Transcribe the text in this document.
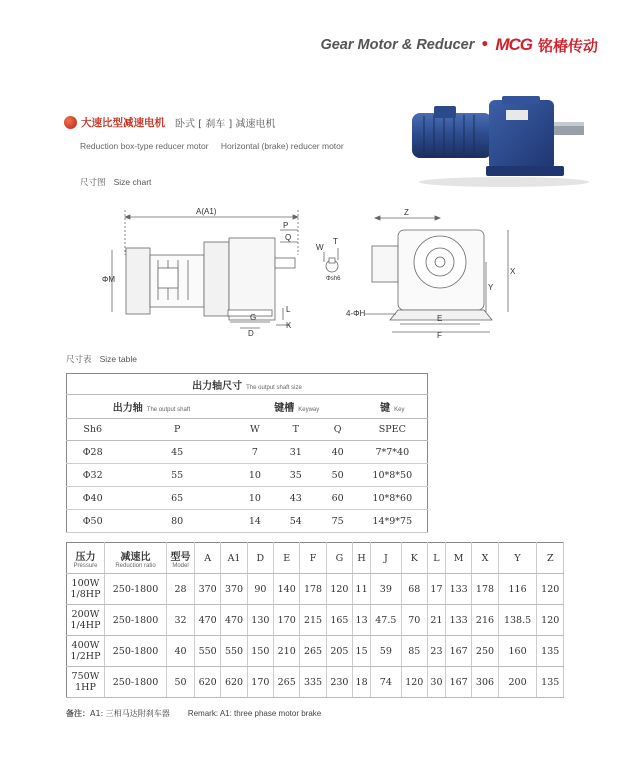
Gear Motor & Reducer • MCG 铭椿传动
大速比型减速电机 卧式 [ 刹车 ] 减速电机
Reduction box-type reducer motor Horizontal (brake) reducer motor
尺寸图 Size chart
A(A1)
P
Q
ΦM
L
G
D
K
W
T
Φsh6
Z
X
Y
4-ΦH
E
F
尺寸表 Size table
出力轴尺寸 The output shaft size					
出力轴 The output shaft		键槽 Keyway			键 Key
Sh6	P	W	T	Q	SPEC
Φ28	45	7	31	40	7*7*40
Φ32	55	10	35	50	10*8*50
Φ40	65	10	43	60	10*8*60
Φ50	80	14	54	75	14*9*75
压力
Pressure	减速比
Reduction ratio	型号
Model	A	A1	D	E	F	G	H	J	K	L	M	X	Y	Z

100W
1/8HP	250-1800	28	370	370	90	140	178	120	11	39	68	17	133	178	116	120

200W
1/4HP	250-1800	32	470	470	130	170	215	165	13	47.5	70	21	133	216	138.5	120

400W
1/2HP	250-1800	40	550	550	150	210	265	205	15	59	85	23	167	250	160	135

750W
1HP	250-1800	50	620	620	170	265	335	230	18	74	120	30	167	306	200	135
备注：A1: 三相马达附刹车器 Remark: A1: three phase motor brake
